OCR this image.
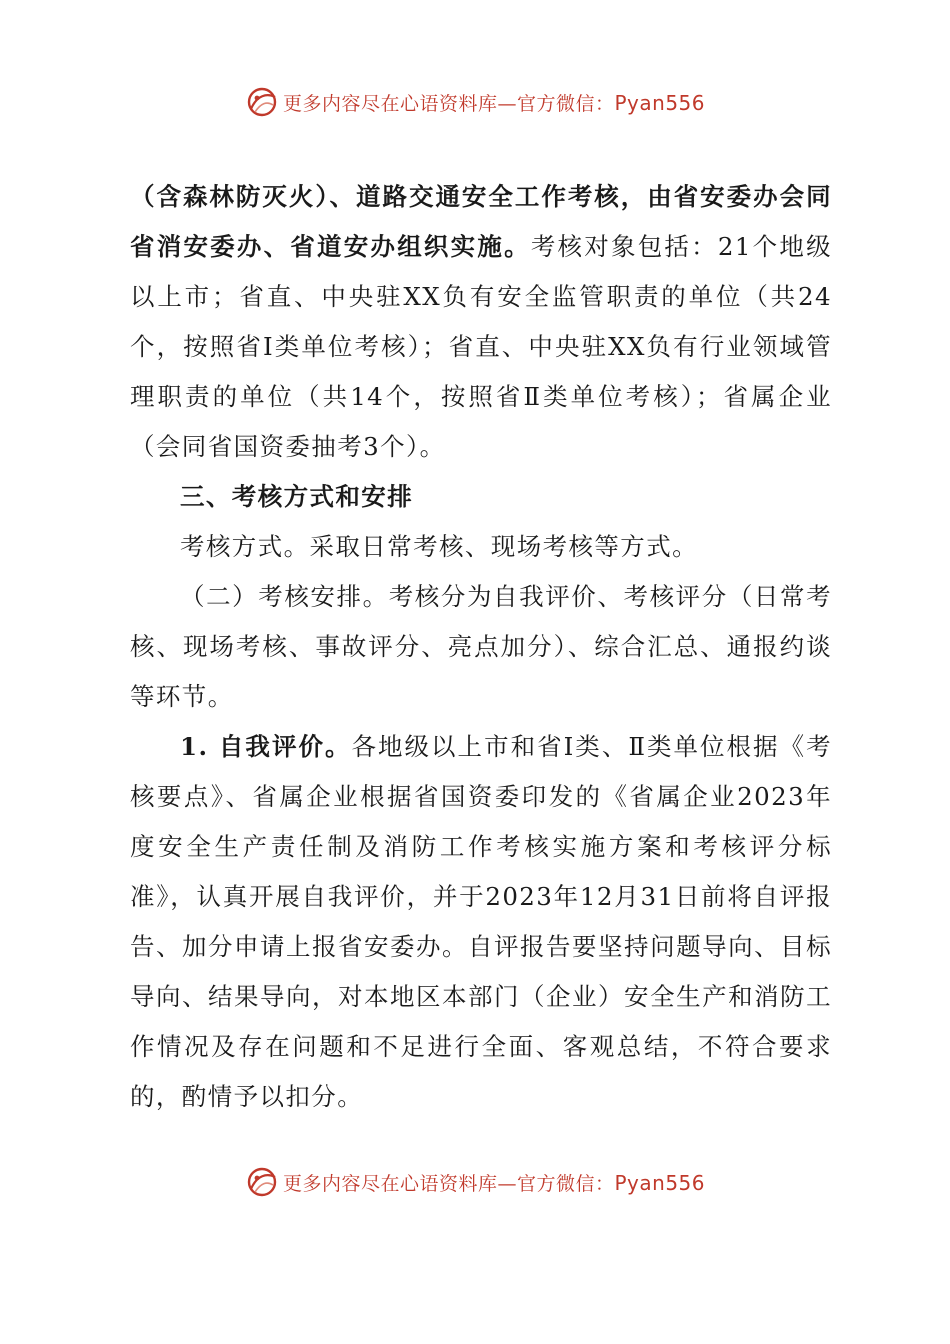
更多内容尽在心语资料库—官方微信：Pyan556

（含森林防灭火）、道路交通安全工作考核，由省安委办会同省消安委办、省道安办组织实施。考核对象包括：21个地级以上市；省直、中央驻XX负有安全监管职责的单位（共24个，按照省Ⅰ类单位考核）；省直、中央驻XX负有行业领域管理职责的单位（共14个，按照省Ⅱ类单位考核）；省属企业（会同省国资委抽考3个）。

三、考核方式和安排

考核方式。采取日常考核、现场考核等方式。

（二）考核安排。考核分为自我评价、考核评分（日常考核、现场考核、事故评分、亮点加分）、综合汇总、通报约谈等环节。

1. 自我评价。各地级以上市和省Ⅰ类、Ⅱ类单位根据《考核要点》、省属企业根据省国资委印发的《省属企业2023年度安全生产责任制及消防工作考核实施方案和考核评分标准》，认真开展自我评价，并于2023年12月31日前将自评报告、加分申请上报省安委办。自评报告要坚持问题导向、目标导向、结果导向，对本地区本部门（企业）安全生产和消防工作情况及存在问题和不足进行全面、客观总结，不符合要求的，酌情予以扣分。

更多内容尽在心语资料库—官方微信：Pyan556
